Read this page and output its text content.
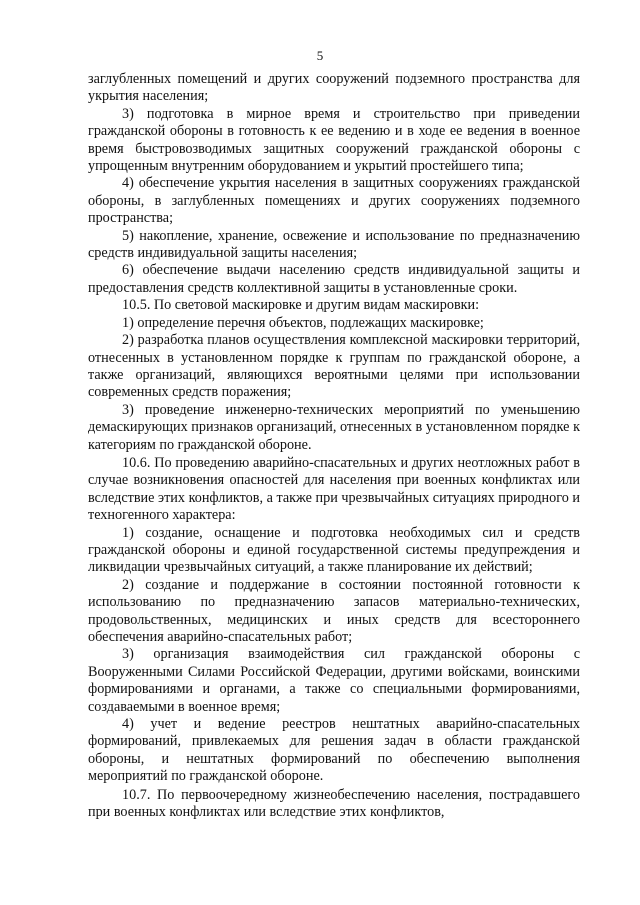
5

заглубленных помещений и других сооружений подземного пространства для укрытия населения;

3) подготовка в мирное время и строительство при приведении гражданской обороны в готовность к ее ведению и в ходе ее ведения в военное время быстровозводимых защитных сооружений гражданской обороны с упрощенным внутренним оборудованием и укрытий простейшего типа;

4) обеспечение укрытия населения в защитных сооружениях гражданской обороны, в заглубленных помещениях и других сооружениях подземного пространства;

5) накопление, хранение, освежение и использование по предназначению средств индивидуальной защиты населения;

6) обеспечение выдачи населению средств индивидуальной защиты и предоставления средств коллективной защиты в установленные сроки.

10.5. По световой маскировке и другим видам маскировки:

1) определение перечня объектов, подлежащих маскировке;

2) разработка планов осуществления комплексной маскировки территорий, отнесенных в установленном порядке к группам по гражданской обороне, а также организаций, являющихся вероятными целями при использовании современных средств поражения;

3) проведение инженерно-технических мероприятий по уменьшению демаскирующих признаков организаций, отнесенных в установленном порядке к категориям по гражданской обороне.

10.6. По проведению аварийно-спасательных и других неотложных работ в случае возникновения опасностей для населения при военных конфликтах или вследствие этих конфликтов, а также при чрезвычайных ситуациях природного и техногенного характера:

1) создание, оснащение и подготовка необходимых сил и средств гражданской обороны и единой государственной системы предупреждения и ликвидации чрезвычайных ситуаций, а также планирование их действий;

2) создание и поддержание в состоянии постоянной готовности к использованию по предназначению запасов материально-технических, продовольственных, медицинских и иных средств для всестороннего обеспечения аварийно-спасательных работ;

3) организация взаимодействия сил гражданской обороны с Вооруженными Силами Российской Федерации, другими войсками, воинскими формированиями и органами, а также со специальными формированиями, создаваемыми в военное время;

4) учет и ведение реестров нештатных аварийно-спасательных формирований, привлекаемых для решения задач в области гражданской обороны, и нештатных формирований по обеспечению выполнения мероприятий по гражданской обороне.

10.7. По первоочередному жизнеобеспечению населения, пострадавшего при военных конфликтах или вследствие этих конфликтов,
